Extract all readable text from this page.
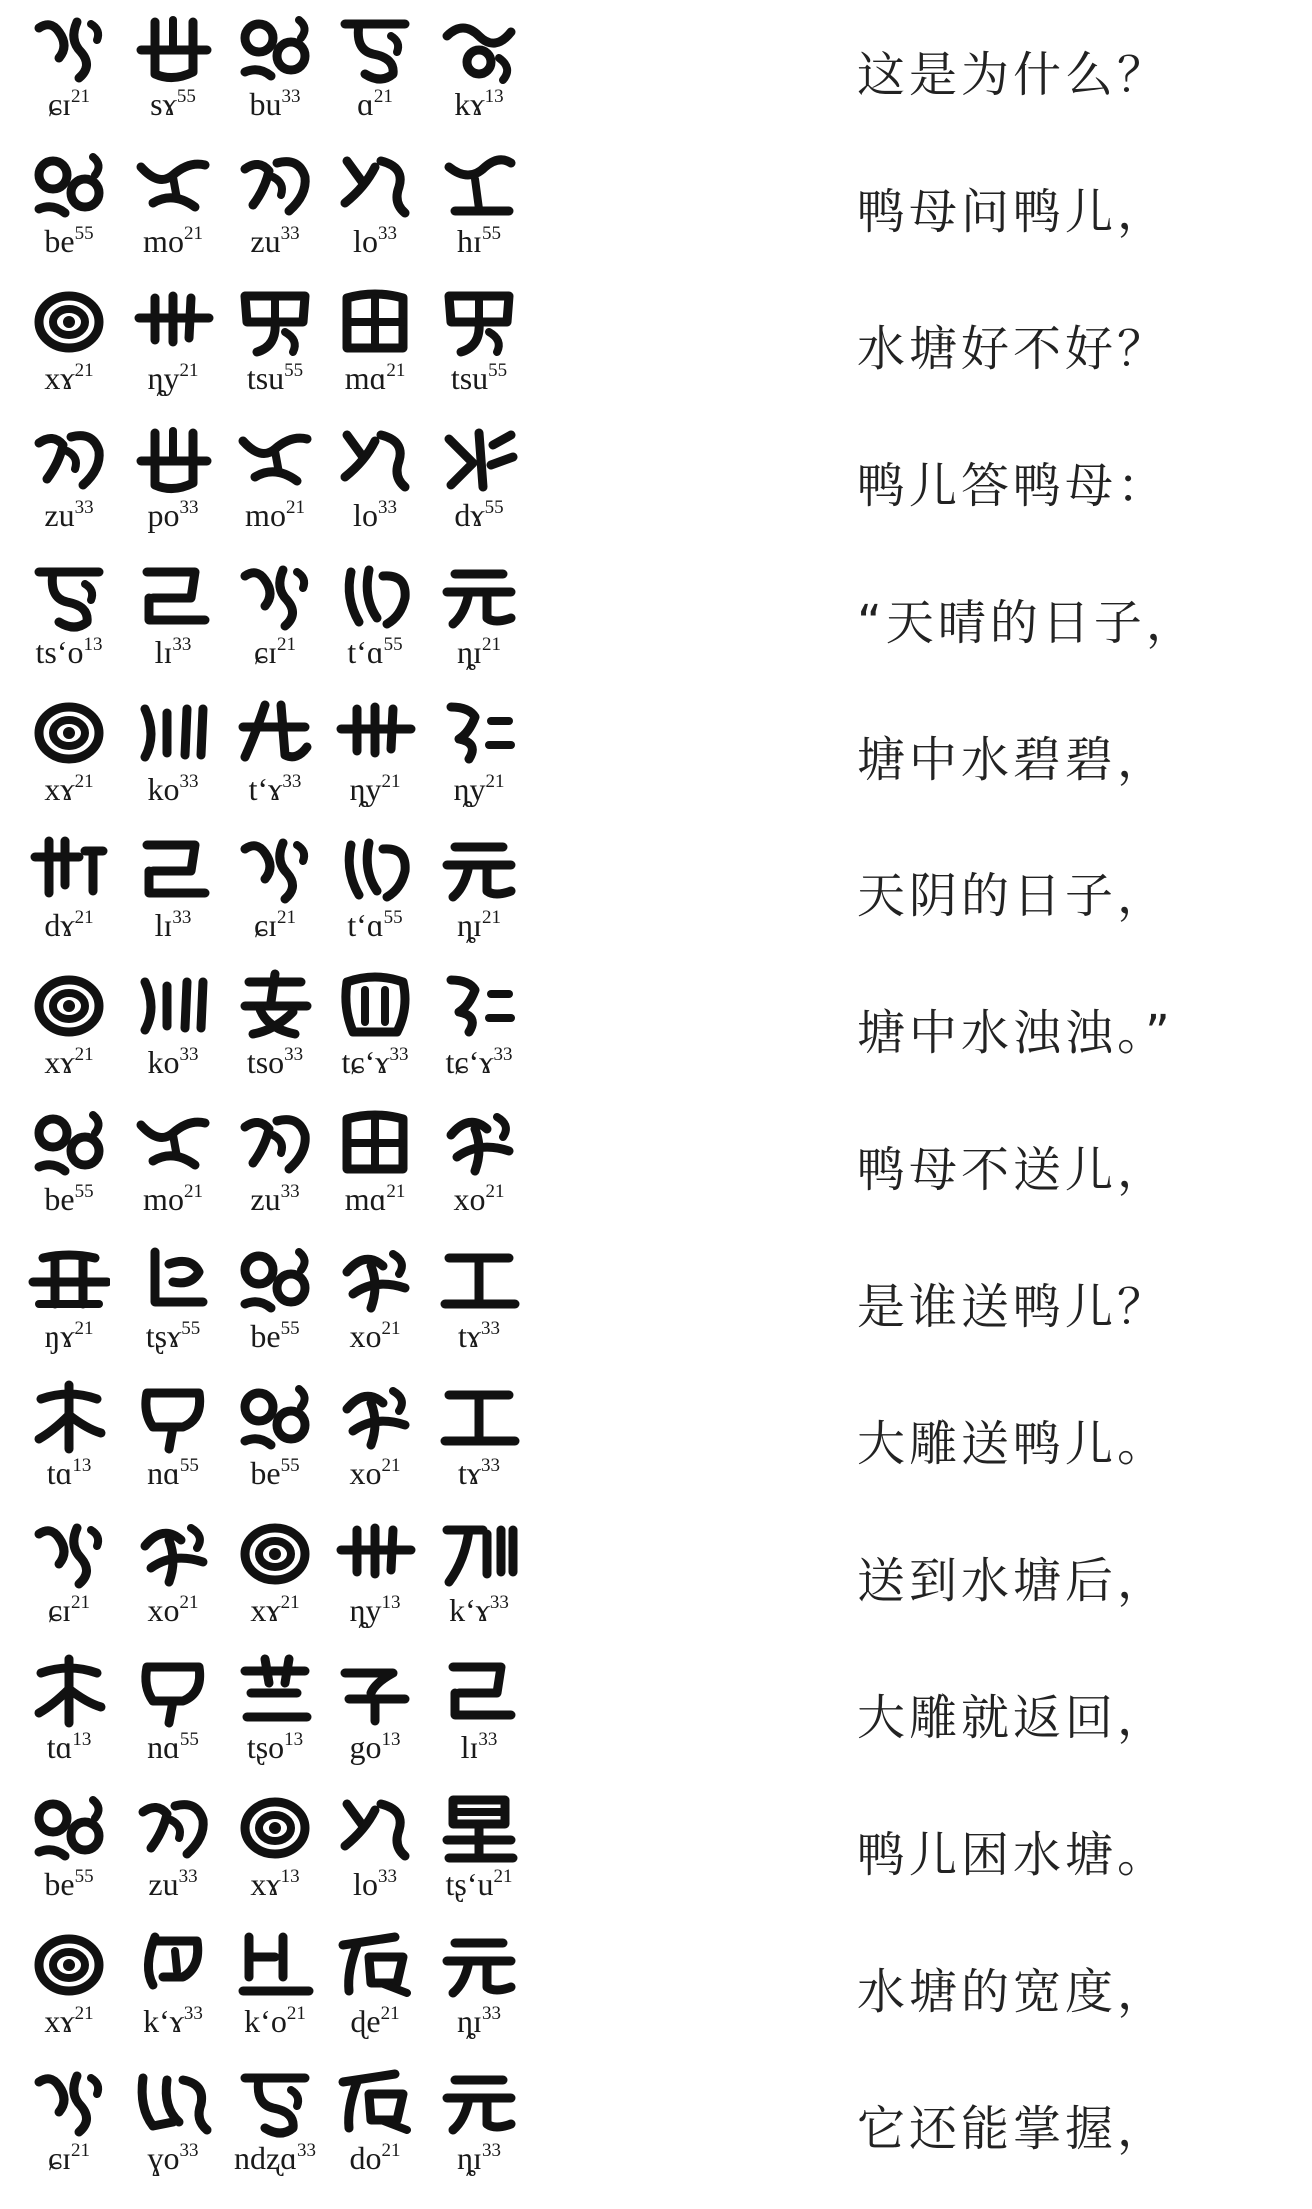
ɕɪ$^{21}$	sɤ$^{55}$	$bu^{33}$	ɑ$^{21}$	kɤ$^{13}$	这是为什么？
$be^{55}$	$mo^{21}$	$zu^{33}$	$lo^{33}$	hɪ$^{55}$	鸭母问鸭儿，
xɤ$^{21}$	$ȵy^{21}$	tsu$^{55}$	mɑ$^{21}$	tsu$^{55}$	水塘好不好？
$zu^{33}$	$po^{33}$	$mo^{21}$	$lo^{33}$	dɤ$^{55}$	鸭儿答鸭母：
$ts‘o^{13}$	lɪ$^{33}$	ɕɪ$^{21}$	t‘ɑ$^{55}$	ȵɪ$^{21}$	“天晴的日子，
xɤ$^{21}$	$ko^{33}$	t‘ɤ$^{33}$	$ȵy^{21}$	$ȵy^{21}$	塘中水碧碧，
dɤ$^{21}$	lɪ$^{33}$	ɕɪ$^{21}$	t‘ɑ$^{55}$	ȵɪ$^{21}$	天阴的日子，
xɤ$^{21}$	$ko^{33}$	tso$^{33}$	tɕ‘ɤ$^{33}$	tɕ‘ɤ$^{33}$	塘中水浊浊。”
$be^{55}$	$mo^{21}$	$zu^{33}$	mɑ$^{21}$	$xo^{21}$	鸭母不送儿，
ŋɤ$^{21}$	tʂɤ$^{55}$	$be^{55}$	$xo^{21}$	tɤ$^{33}$	是谁送鸭儿？
tɑ$^{13}$	nɑ$^{55}$	$be^{55}$	$xo^{21}$	tɤ$^{33}$	大雕送鸭儿。
ɕɪ$^{21}$	$xo^{21}$	xɤ$^{21}$	$ȵy^{13}$	k‘ɤ$^{33}$	送到水塘后，
tɑ$^{13}$	nɑ$^{55}$	tʂo$^{13}$	$go^{13}$	lɪ$^{33}$	大雕就返回，
$be^{55}$	$zu^{33}$	xɤ$^{13}$	$lo^{33}$	$tʂ‘u^{21}$	鸭儿困水塘。
xɤ$^{21}$	k‘ɤ$^{33}$	$k‘o^{21}$	ɖe$^{21}$	ȵɪ$^{33}$	水塘的宽度，
ɕɪ$^{21}$	ɣo$^{33}$	ndʐɑ$^{33}$	$do^{21}$	ȵɪ$^{33}$	它还能掌握，
